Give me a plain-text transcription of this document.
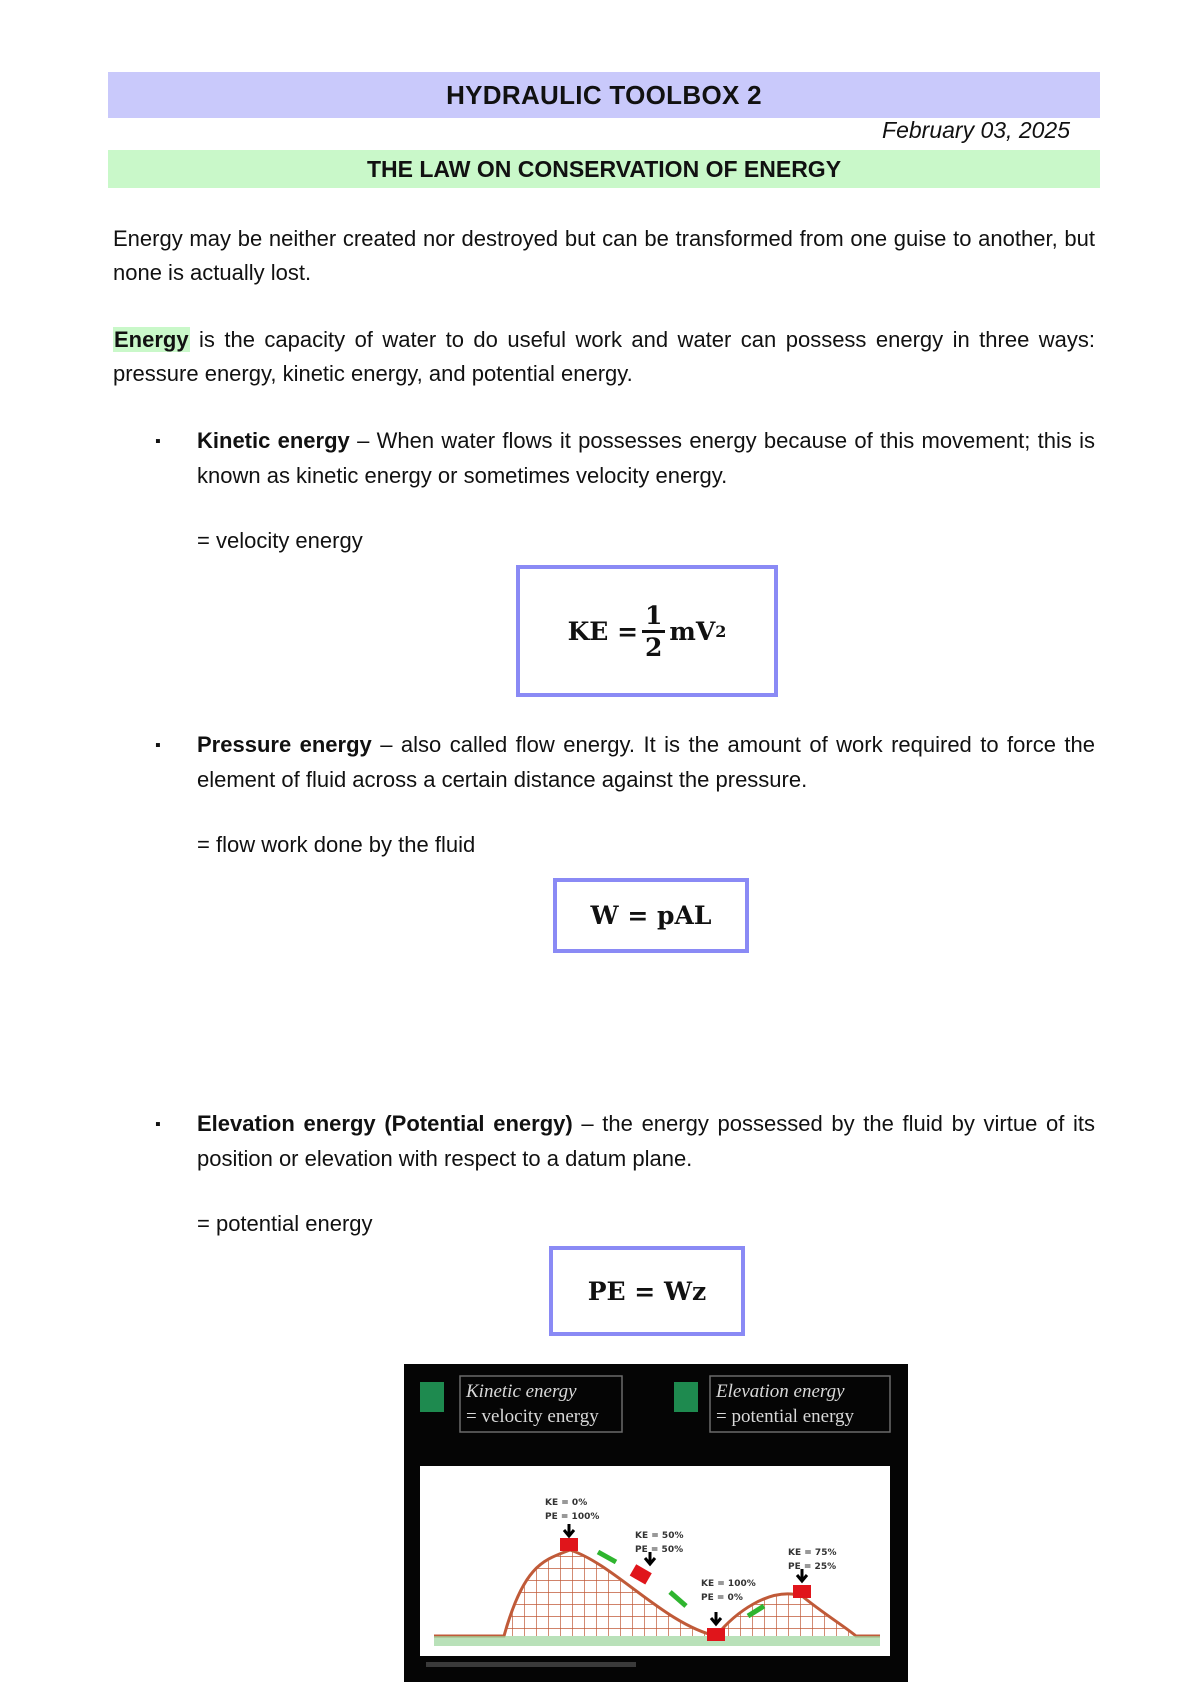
HYDRAULIC TOOLBOX 2
February 03, 2025
THE LAW ON CONSERVATION OF ENERGY

Energy may be neither created nor destroyed but can be transformed from one guise to another, but none is actually lost.

Energy is the capacity of water to do useful work and water can possess energy in three ways: pressure energy, kinetic energy, and potential energy.

▪ Kinetic energy – When water flows it possesses energy because of this movement; this is known as kinetic energy or sometimes velocity energy.

= velocity energy
KE = $\frac{1}{2}$ mV 2
▪ Pressure energy – also called flow energy. It is the amount of work required to force the element of fluid across a certain distance against the pressure.

= flow work done by the fluid
W = pAL
▪ Elevation energy (Potential energy) – the energy possessed by the fluid by virtue of its position or elevation with respect to a datum plane.

= potential energy
PE = Wz
Kinetic energy
= velocity energy
Elevation energy
= potential energy
KE = 0%
PE = 100%
KE = 50%
PE = 50%
KE = 100%
PE = 0%
KE = 75%
PE = 25%
